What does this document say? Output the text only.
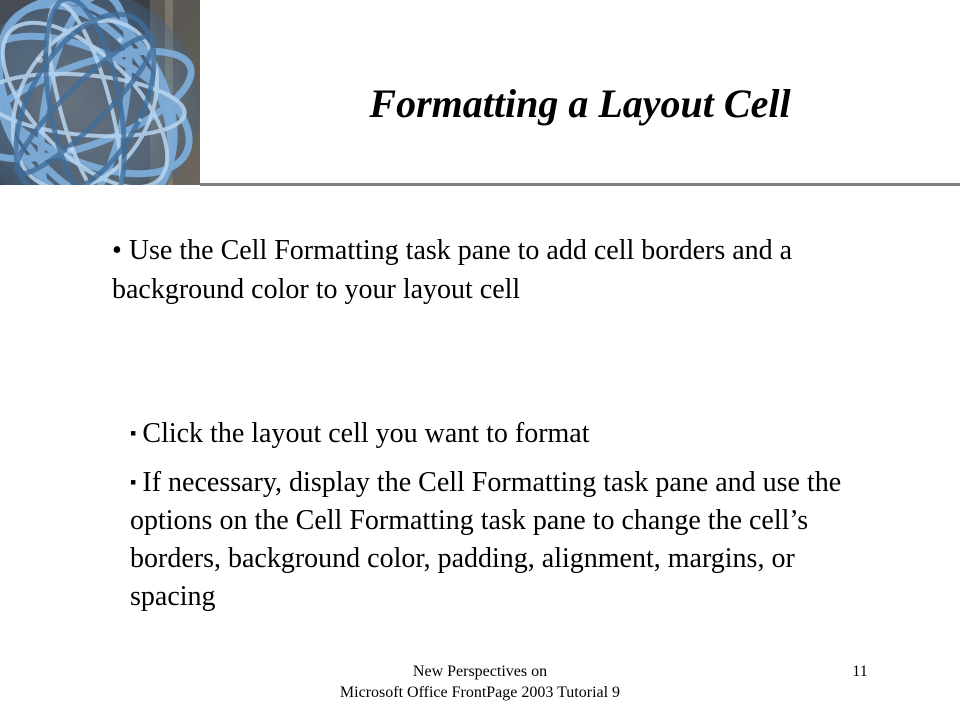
Formatting a Layout Cell

• Use the Cell Formatting task pane to add cell borders and a background color to your layout cell

▪ Click the layout cell you want to format
▪ If necessary, display the Cell Formatting task pane and use the options on the Cell Formatting task pane to change the cell’s borders, background color, padding, alignment, margins, or spacing
New Perspectives on
Microsoft Office FrontPage 2003 Tutorial 9
11
